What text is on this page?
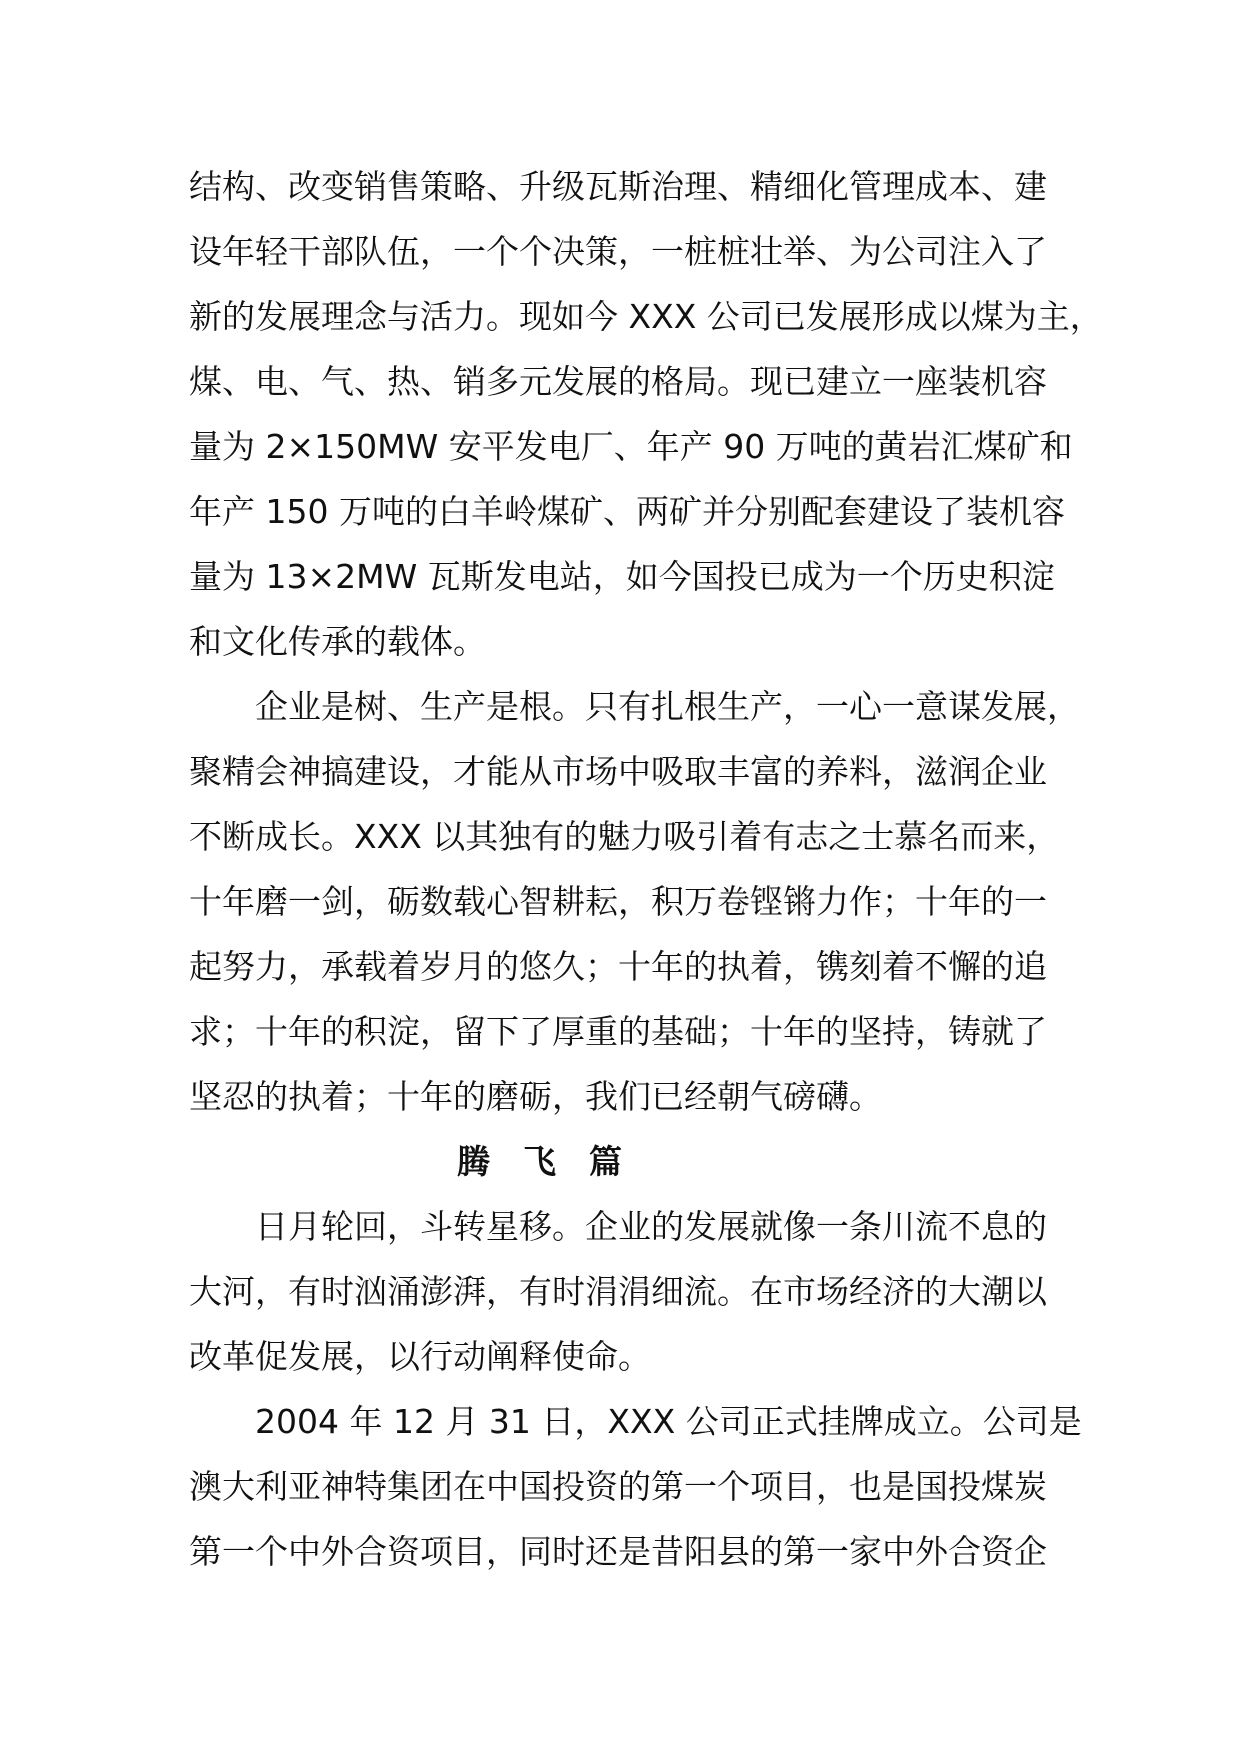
结构、改变销售策略、升级瓦斯治理、精细化管理成本、建
设年轻干部队伍，一个个决策，一桩桩壮举、为公司注入了
新的发展理念与活力。现如今 XXX 公司已发展形成以煤为主，
煤、电、气、热、销多元发展的格局。现已建立一座装机容
量为 2×150MW 安平发电厂、年产 90 万吨的黄岩汇煤矿和
年产 150 万吨的白羊岭煤矿、两矿并分别配套建设了装机容
量为 13×2MW 瓦斯发电站，如今国投已成为一个历史积淀
和文化传承的载体。
企业是树、生产是根。只有扎根生产，一心一意谋发展，
聚精会神搞建设，才能从市场中吸取丰富的养料，滋润企业
不断成长。XXX 以其独有的魅力吸引着有志之士慕名而来，
十年磨一剑，砺数载心智耕耘，积万卷铿锵力作；十年的一
起努力，承载着岁月的悠久；十年的执着，镌刻着不懈的追
求；十年的积淀，留下了厚重的基础；十年的坚持，铸就了
坚忍的执着；十年的磨砺，我们已经朝气磅礴。
腾 飞 篇
日月轮回，斗转星移。企业的发展就像一条川流不息的
大河，有时汹涌澎湃，有时涓涓细流。在市场经济的大潮以
改革促发展，以行动阐释使命。
2004 年 12 月 31 日，XXX 公司正式挂牌成立。公司是
澳大利亚神特集团在中国投资的第一个项目，也是国投煤炭
第一个中外合资项目，同时还是昔阳县的第一家中外合资企
